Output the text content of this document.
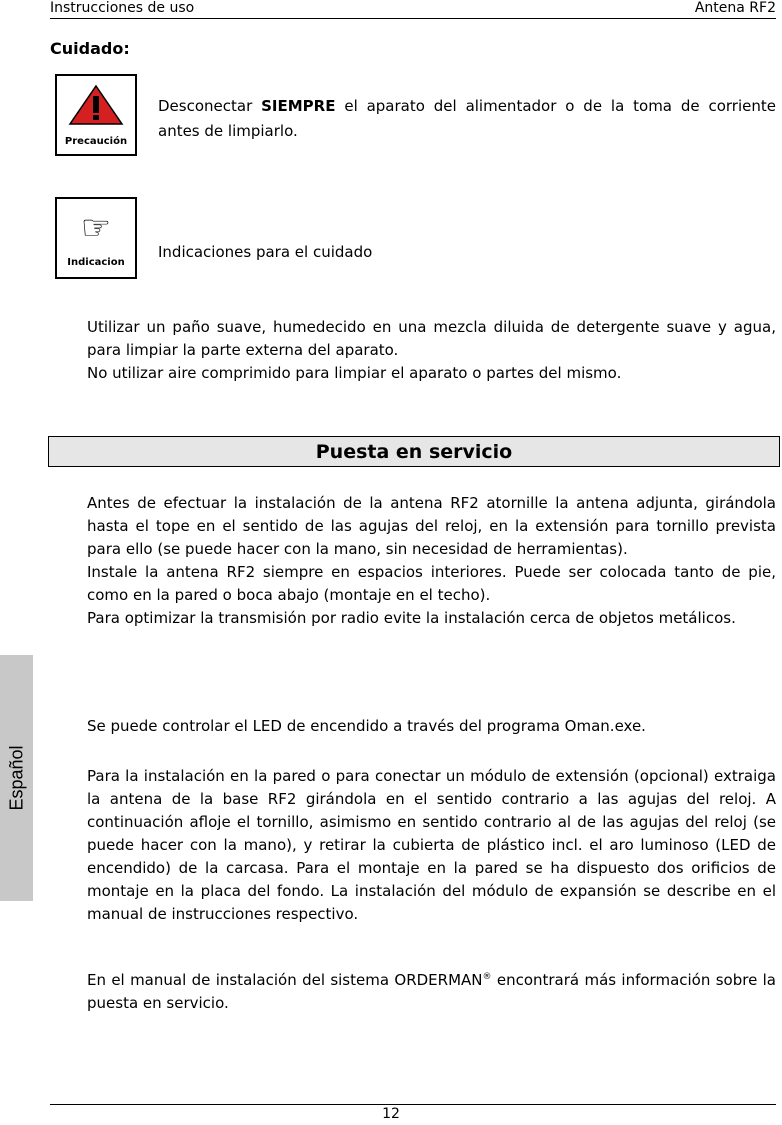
Instrucciones de uso	Antena RF2
Cuidado:
Precaución
Desconectar SIEMPRE el aparato del alimentador o de la toma de corriente antes de limpiarlo.
☞
Indicacion
Indicaciones para el cuidado
Utilizar un paño suave, humedecido en una mezcla diluida de detergente suave y agua, para limpiar la parte externa del aparato.
No utilizar aire comprimido para limpiar el aparato o partes del mismo.
Puesta en servicio
Antes de efectuar la instalación de la antena RF2 atornille la antena adjunta, girándola hasta el tope en el sentido de las agujas del reloj, en la extensión para tornillo prevista para ello (se puede hacer con la mano, sin necesidad de herramientas).
Instale la antena RF2 siempre en espacios interiores. Puede ser colocada tanto de pie, como en la pared o boca abajo (montaje en el techo).
Para optimizar la transmisión por radio evite la instalación cerca de objetos metálicos.
Se puede controlar el LED de encendido a través del programa Oman.exe.
Para la instalación en la pared o para conectar un módulo de extensión (opcional) extraiga la antena de la base RF2 girándola en el sentido contrario a las agujas del reloj. A continuación afloje el tornillo, asimismo en sentido contrario al de las agujas del reloj (se puede hacer con la mano), y retirar la cubierta de plástico incl. el aro luminoso (LED de encendido) de la carcasa. Para el montaje en la pared se ha dispuesto dos orificios de montaje en la placa del fondo. La instalación del módulo de expansión se describe en el manual de instrucciones respectivo.
En el manual de instalación del sistema ORDERMAN® encontrará más información sobre la puesta en servicio.
Español
12
